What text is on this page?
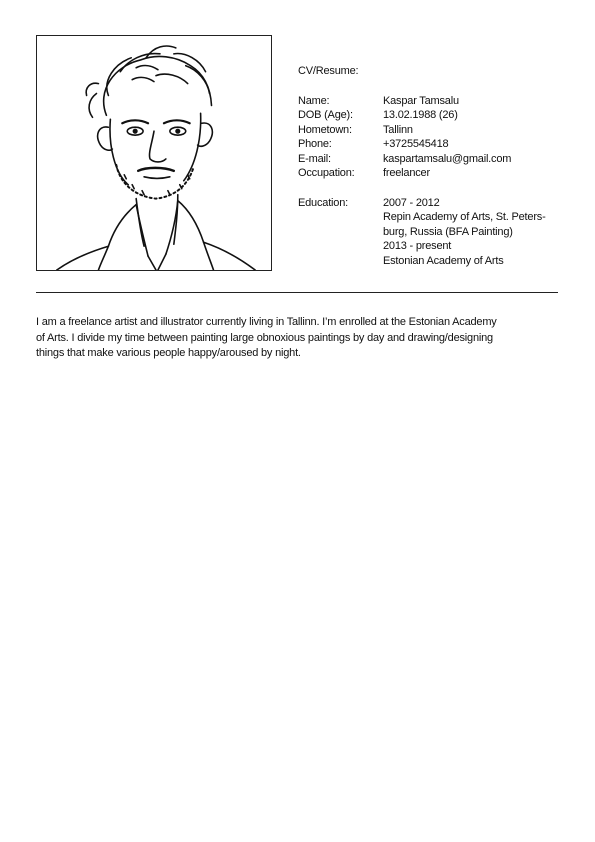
CV/Resume:
Name:	Kaspar Tamsalu
DOB (Age):	13.02.1988 (26)
Hometown:	Tallinn
Phone:	+3725545418
E-mail:	kaspartamsalu@gmail.com
Occupation:	freelancer
Education:	2007 - 2012
Repin Academy of Arts, St. Peters-
burg, Russia (BFA Painting)
2013 - present
Estonian Academy of Arts
I am a freelance artist and illustrator currently living in Tallinn. I’m enrolled at the Estonian Academy
of Arts. I divide my time between painting large obnoxious paintings by day and drawing/designing
things that make various people happy/aroused by night.
